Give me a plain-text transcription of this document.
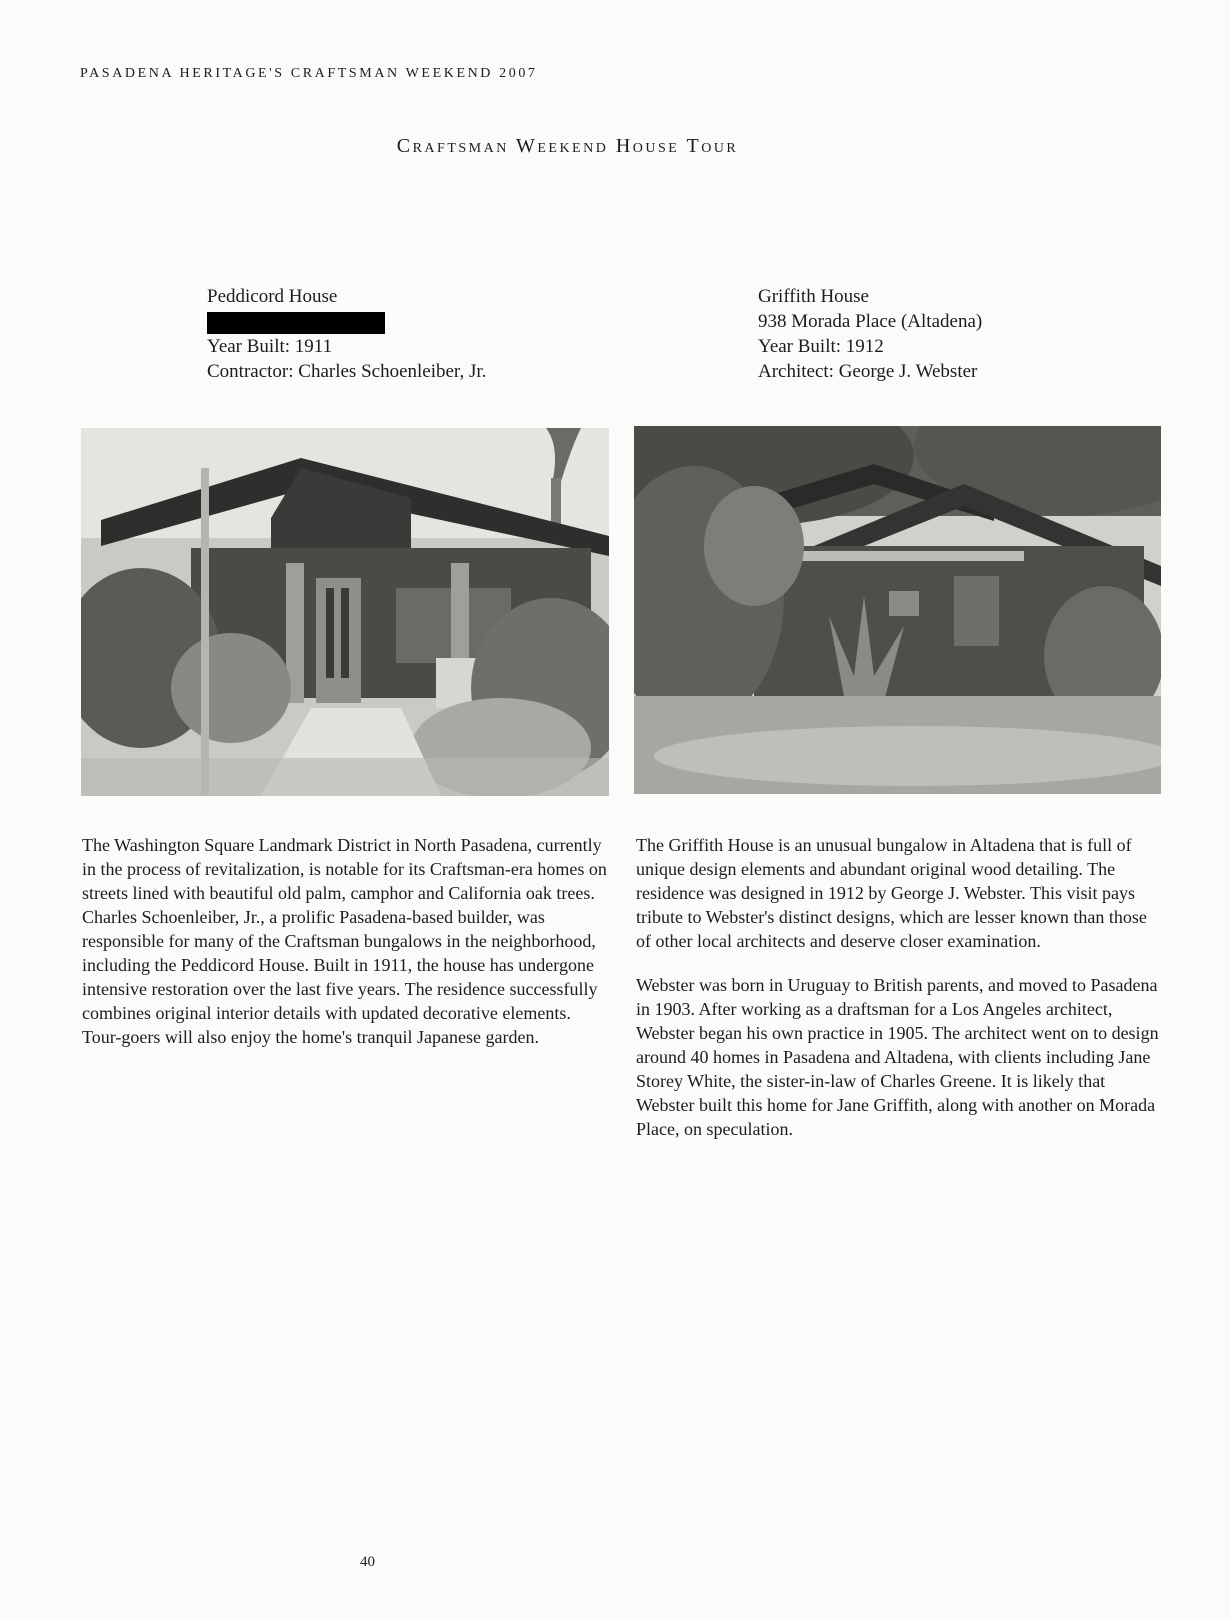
PASADENA HERITAGE'S CRAFTSMAN WEEKEND 2007
Craftsman Weekend House Tour
Peddicord House
Year Built: 1911
Contractor: Charles Schoenleiber, Jr.
Griffith House
938 Morada Place (Altadena)
Year Built: 1912
Architect: George J. Webster

The Washington Square Landmark District in North Pasadena, currently in the process of revitalization, is notable for its Craftsman-era homes on streets lined with beautiful old palm, camphor and California oak trees. Charles Schoenleiber, Jr., a prolific Pasadena-based builder, was responsible for many of the Craftsman bungalows in the neighborhood, including the Peddicord House. Built in 1911, the house has undergone intensive restoration over the last five years. The residence successfully combines original interior details with updated decorative elements. Tour-goers will also enjoy the home's tranquil Japanese garden.

The Griffith House is an unusual bungalow in Altadena that is full of unique design elements and abundant original wood detailing. The residence was designed in 1912 by George J. Webster. This visit pays tribute to Webster's distinct designs, which are lesser known than those of other local architects and deserve closer examination.

Webster was born in Uruguay to British parents, and moved to Pasadena in 1903. After working as a draftsman for a Los Angeles architect, Webster began his own practice in 1905. The architect went on to design around 40 homes in Pasadena and Altadena, with clients including Jane Storey White, the sister-in-law of Charles Greene. It is likely that Webster built this home for Jane Griffith, along with another on Morada Place, on speculation.

40
